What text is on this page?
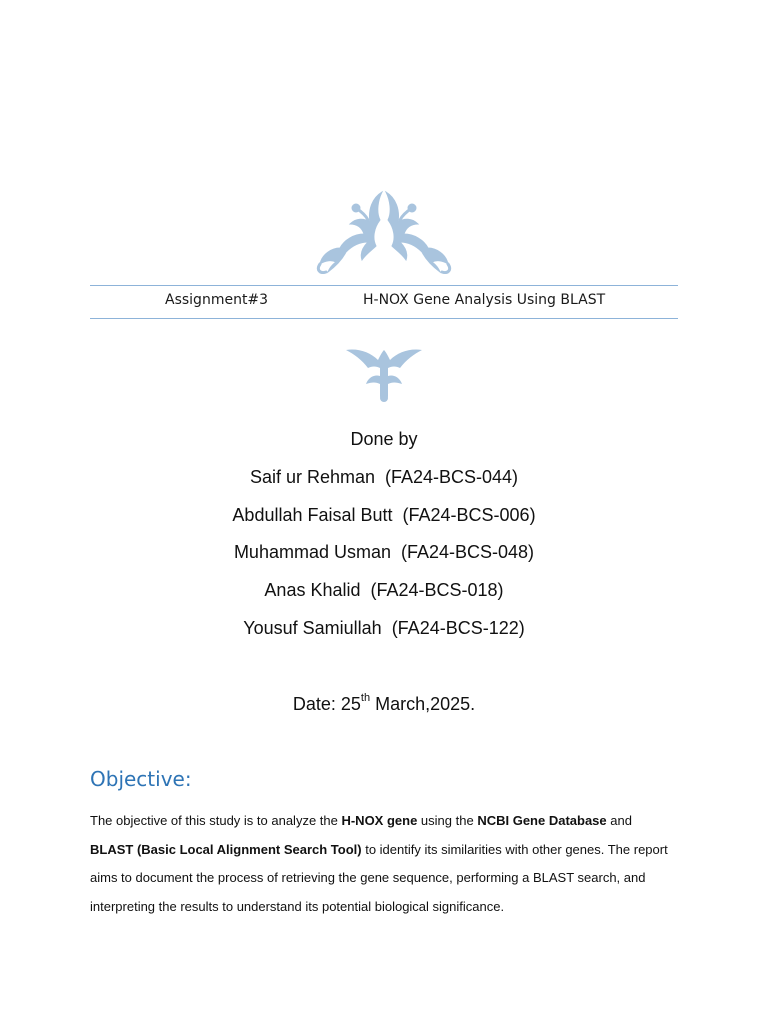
Assignment#3	H-NOX Gene Analysis Using BLAST
Done by
Saif ur Rehman (FA24-BCS-044)
Abdullah Faisal Butt (FA24-BCS-006)
Muhammad Usman (FA24-BCS-048)
Anas Khalid (FA24-BCS-018)
Yousuf Samiullah (FA24-BCS-122)
Date: 25th March,2025.
Objective:
The objective of this study is to analyze the H-NOX gene using the NCBI Gene Database and BLAST (Basic Local Alignment Search Tool) to identify its similarities with other genes. The report aims to document the process of retrieving the gene sequence, performing a BLAST search, and interpreting the results to understand its potential biological significance.
